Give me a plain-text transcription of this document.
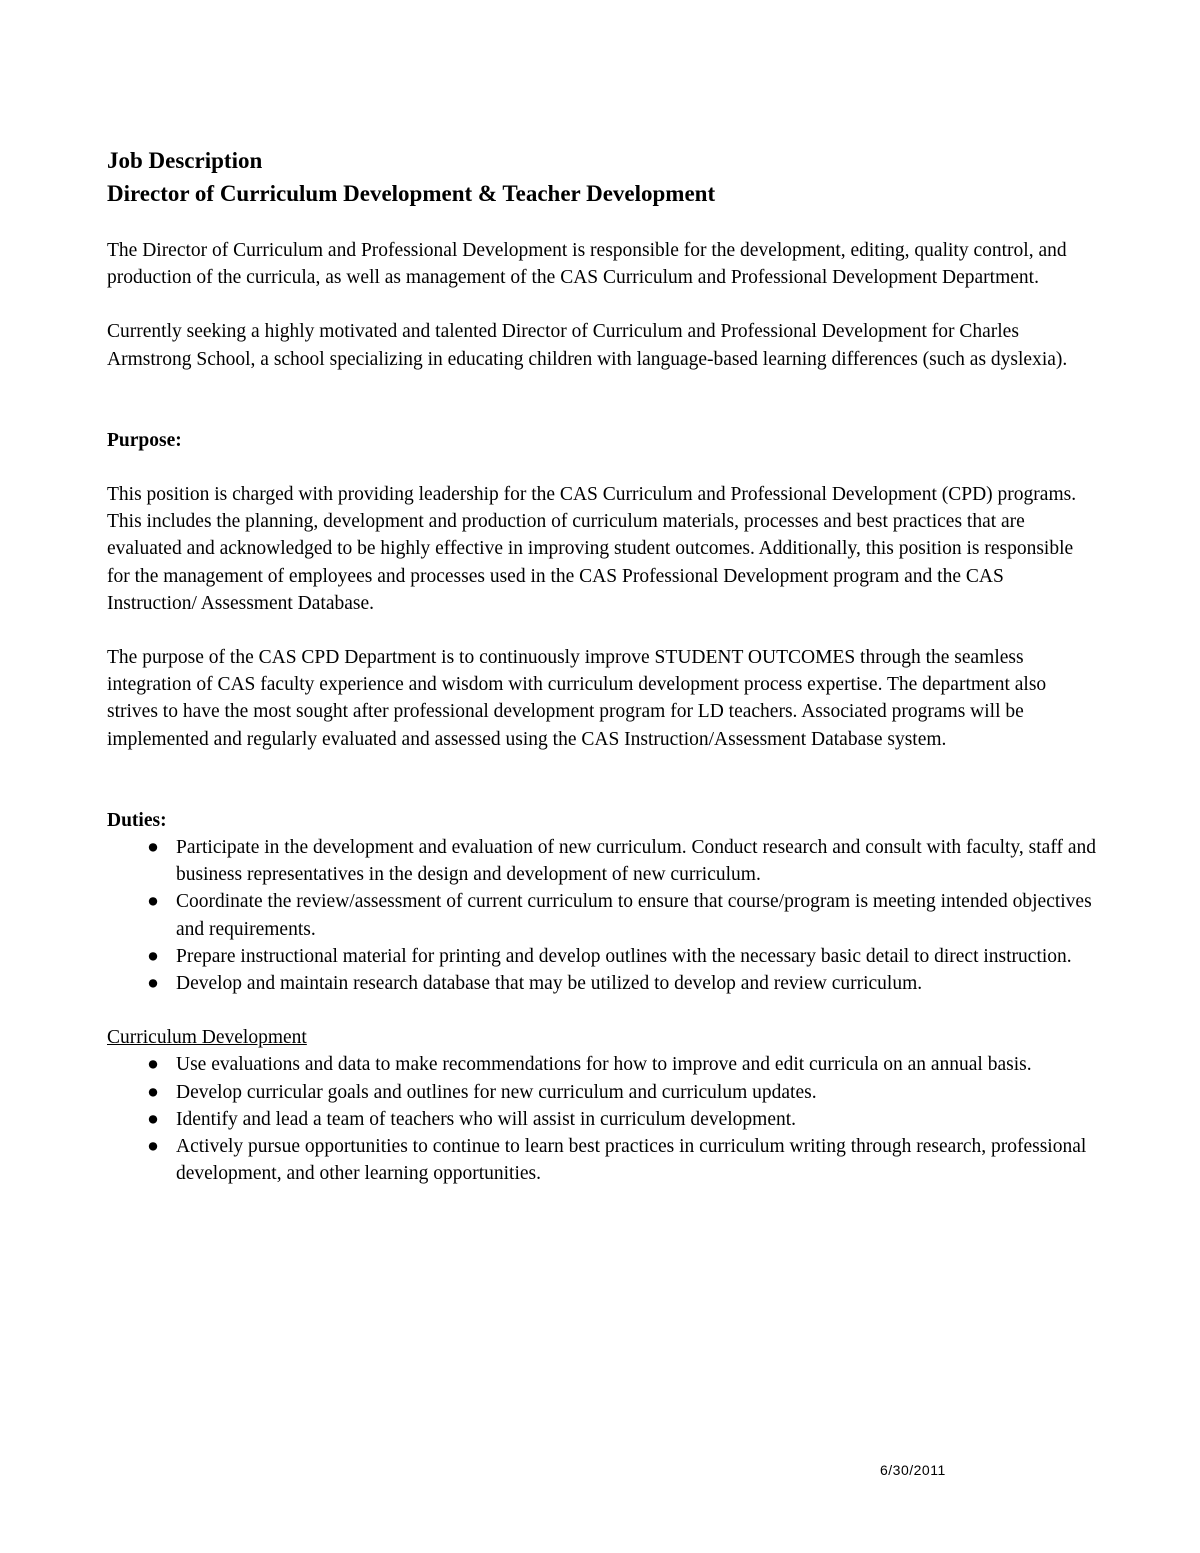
Job Description
Director of Curriculum Development & Teacher Development

The Director of Curriculum and Professional Development is responsible for the development, editing, quality control, and production of the curricula, as well as management of the CAS Curriculum and Professional Development Department.

Currently seeking a highly motivated and talented Director of Curriculum and Professional Development for Charles Armstrong School, a school specializing in educating children with language-based learning differences (such as dyslexia).

Purpose:

This position is charged with providing leadership for the CAS Curriculum and Professional Development (CPD) programs. This includes the planning, development and production of curriculum materials, processes and best practices that are evaluated and acknowledged to be highly effective in improving student outcomes. Additionally, this position is responsible for the management of employees and processes used in the CAS Professional Development program and the CAS Instruction/ Assessment Database.

The purpose of the CAS CPD Department is to continuously improve STUDENT OUTCOMES through the seamless integration of CAS faculty experience and wisdom with curriculum development process expertise. The department also strives to have the most sought after professional development program for LD teachers. Associated programs will be implemented and regularly evaluated and assessed using the CAS Instruction/Assessment Database system.

Duties:

● Participate in the development and evaluation of new curriculum. Conduct research and consult with faculty, staff and business representatives in the design and development of new curriculum.
● Coordinate the review/assessment of current curriculum to ensure that course/program is meeting intended objectives and requirements.
● Prepare instructional material for printing and develop outlines with the necessary basic detail to direct instruction.
● Develop and maintain research database that may be utilized to develop and review curriculum.

Curriculum Development

● Use evaluations and data to make recommendations for how to improve and edit curricula on an annual basis.
● Develop curricular goals and outlines for new curriculum and curriculum updates.
● Identify and lead a team of teachers who will assist in curriculum development.
● Actively pursue opportunities to continue to learn best practices in curriculum writing through research, professional development, and other learning opportunities.
6/30/2011
